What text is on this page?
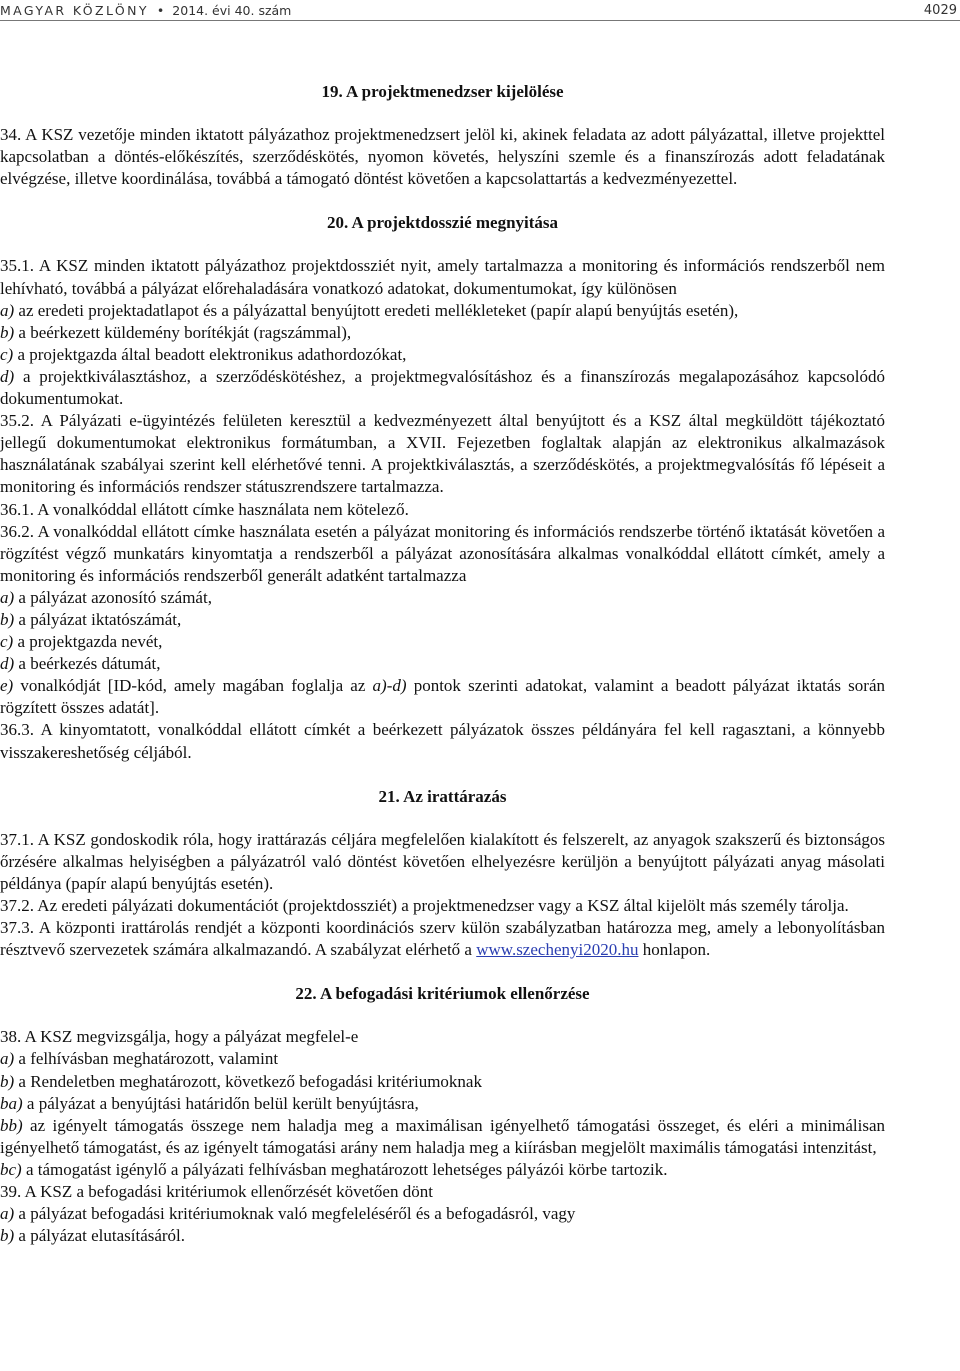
MAGYAR KÖZLÖNY • 2014. évi 40. szám	4029
19. A projektmenedzser kijelölése

34. A KSZ vezetője minden iktatott pályázathoz projektmenedzsert jelöl ki, akinek feladata az adott pályázattal, illetve projekttel kapcsolatban a döntés-előkészítés, szerződéskötés, nyomon követés, helyszíni szemle és a finanszírozás adott feladatának elvégzése, illetve koordinálása, továbbá a támogató döntést követően a kapcsolattartás a kedvezményezettel.

20. A projektdosszié megnyitása

35.1. A KSZ minden iktatott pályázathoz projektdossziét nyit, amely tartalmazza a monitoring és információs rendszerből nem lehívható, továbbá a pályázat előrehaladására vonatkozó adatokat, dokumentumokat, így különösen

a) az eredeti projektadatlapot és a pályázattal benyújtott eredeti mellékleteket (papír alapú benyújtás esetén),

b) a beérkezett küldemény borítékját (ragszámmal),

c) a projektgazda által beadott elektronikus adathordozókat,

d) a projektkiválasztáshoz, a szerződéskötéshez, a projektmegvalósításhoz és a finanszírozás megalapozásához kapcsolódó dokumentumokat.

35.2. A Pályázati e-ügyintézés felületen keresztül a kedvezményezett által benyújtott és a KSZ által megküldött tájékoztató jellegű dokumentumokat elektronikus formátumban, a XVII. Fejezetben foglaltak alapján az elektronikus alkalmazások használatának szabályai szerint kell elérhetővé tenni. A projektkiválasztás, a szerződéskötés, a projektmegvalósítás fő lépéseit a monitoring és információs rendszer státuszrendszere tartalmazza.

36.1. A vonalkóddal ellátott címke használata nem kötelező.

36.2. A vonalkóddal ellátott címke használata esetén a pályázat monitoring és információs rendszerbe történő iktatását követően a rögzítést végző munkatárs kinyomtatja a rendszerből a pályázat azonosítására alkalmas vonalkóddal ellátott címkét, amely a monitoring és információs rendszerből generált adatként tartalmazza

a) a pályázat azonosító számát,

b) a pályázat iktatószámát,

c) a projektgazda nevét,

d) a beérkezés dátumát,

e) vonalkódját [ID-kód, amely magában foglalja az a)-d) pontok szerinti adatokat, valamint a beadott pályázat iktatás során rögzített összes adatát].

36.3. A kinyomtatott, vonalkóddal ellátott címkét a beérkezett pályázatok összes példányára fel kell ragasztani, a könnyebb visszakereshetőség céljából.

21. Az irattárazás

37.1. A KSZ gondoskodik róla, hogy irattárazás céljára megfelelően kialakított és felszerelt, az anyagok szakszerű és biztonságos őrzésére alkalmas helyiségben a pályázatról való döntést követően elhelyezésre kerüljön a benyújtott pályázati anyag másolati példánya (papír alapú benyújtás esetén).

37.2. Az eredeti pályázati dokumentációt (projektdossziét) a projektmenedzser vagy a KSZ által kijelölt más személy tárolja.

37.3. A központi irattárolás rendjét a központi koordinációs szerv külön szabályzatban határozza meg, amely a lebonyolításban résztvevő szervezetek számára alkalmazandó. A szabályzat elérhető a www.szechenyi2020.hu honlapon.

22. A befogadási kritériumok ellenőrzése

38. A KSZ megvizsgálja, hogy a pályázat megfelel-e

a) a felhívásban meghatározott, valamint

b) a Rendeletben meghatározott, következő befogadási kritériumoknak

ba) a pályázat a benyújtási határidőn belül került benyújtásra,

bb) az igényelt támogatás összege nem haladja meg a maximálisan igényelhető támogatási összeget, és eléri a minimálisan igényelhető támogatást, és az igényelt támogatási arány nem haladja meg a kiírásban megjelölt maximális támogatási intenzitást,

bc) a támogatást igénylő a pályázati felhívásban meghatározott lehetséges pályázói körbe tartozik.

39. A KSZ a befogadási kritériumok ellenőrzését követően dönt

a) a pályázat befogadási kritériumoknak való megfeleléséről és a befogadásról, vagy

b) a pályázat elutasításáról.
